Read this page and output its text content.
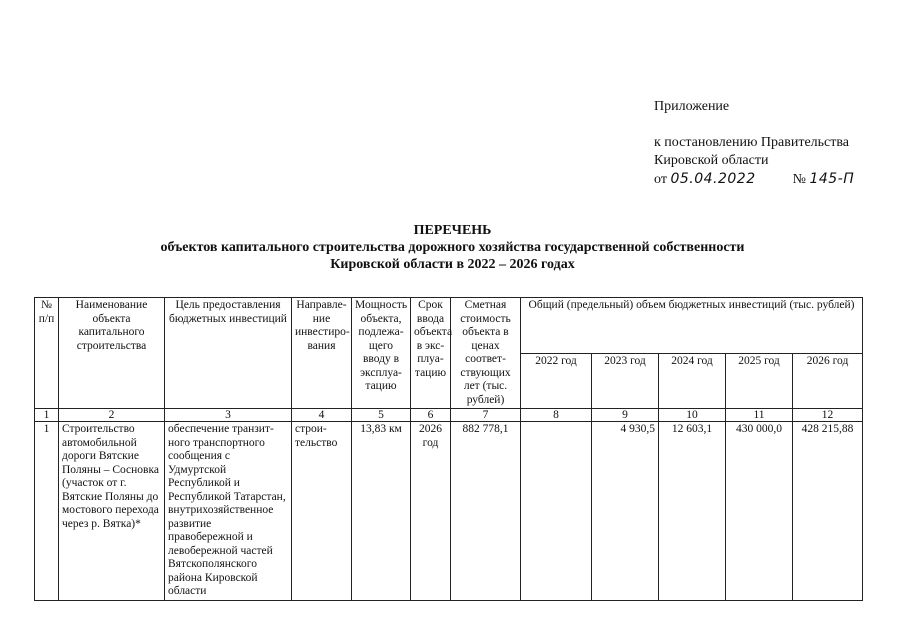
Приложение
к постановлению Правительства
Кировской области
от 05.04.2022	№ 145-П
ПЕРЕЧЕНЬ
объектов капитального строительства дорожного хозяйства государственной собственности
Кировской области в 2022 – 2026 годах
№ п/п	Наименование объекта капитального строительства	Цель предоставления бюджетных инвестиций	Направле- ние инвестиро- вания	Мощность объекта, подлежа- щего вводу в эксплуа- тацию	Срок ввода объекта в экс- плуа- тацию	Сметная стоимость объекта в ценах соответ- ствующих лет (тыс. рублей)	Общий (предельный) объем бюджетных инвестиций (тыс. рублей)				
							2022 год	2023 год	2024 год	2025 год	2026 год
1	2	3	4	5	6	7	8	9	10	11	12
1	Строительство автомобильной дороги Вятские Поляны – Сосновка (участок от г. Вятские Поляны до мостового перехода через р. Вятка)*	обеспечение транзит- ного транспортного сообщения с Удмуртской Республикой и Республикой Татарстан, внутрихозяйственное развитие правобережной и левобережной частей Вятскополянского района Кировской области	строи- тельство	13,83 км	2026 год	882 778,1		4 930,5	12 603,1	430 000,0	428 215,88
